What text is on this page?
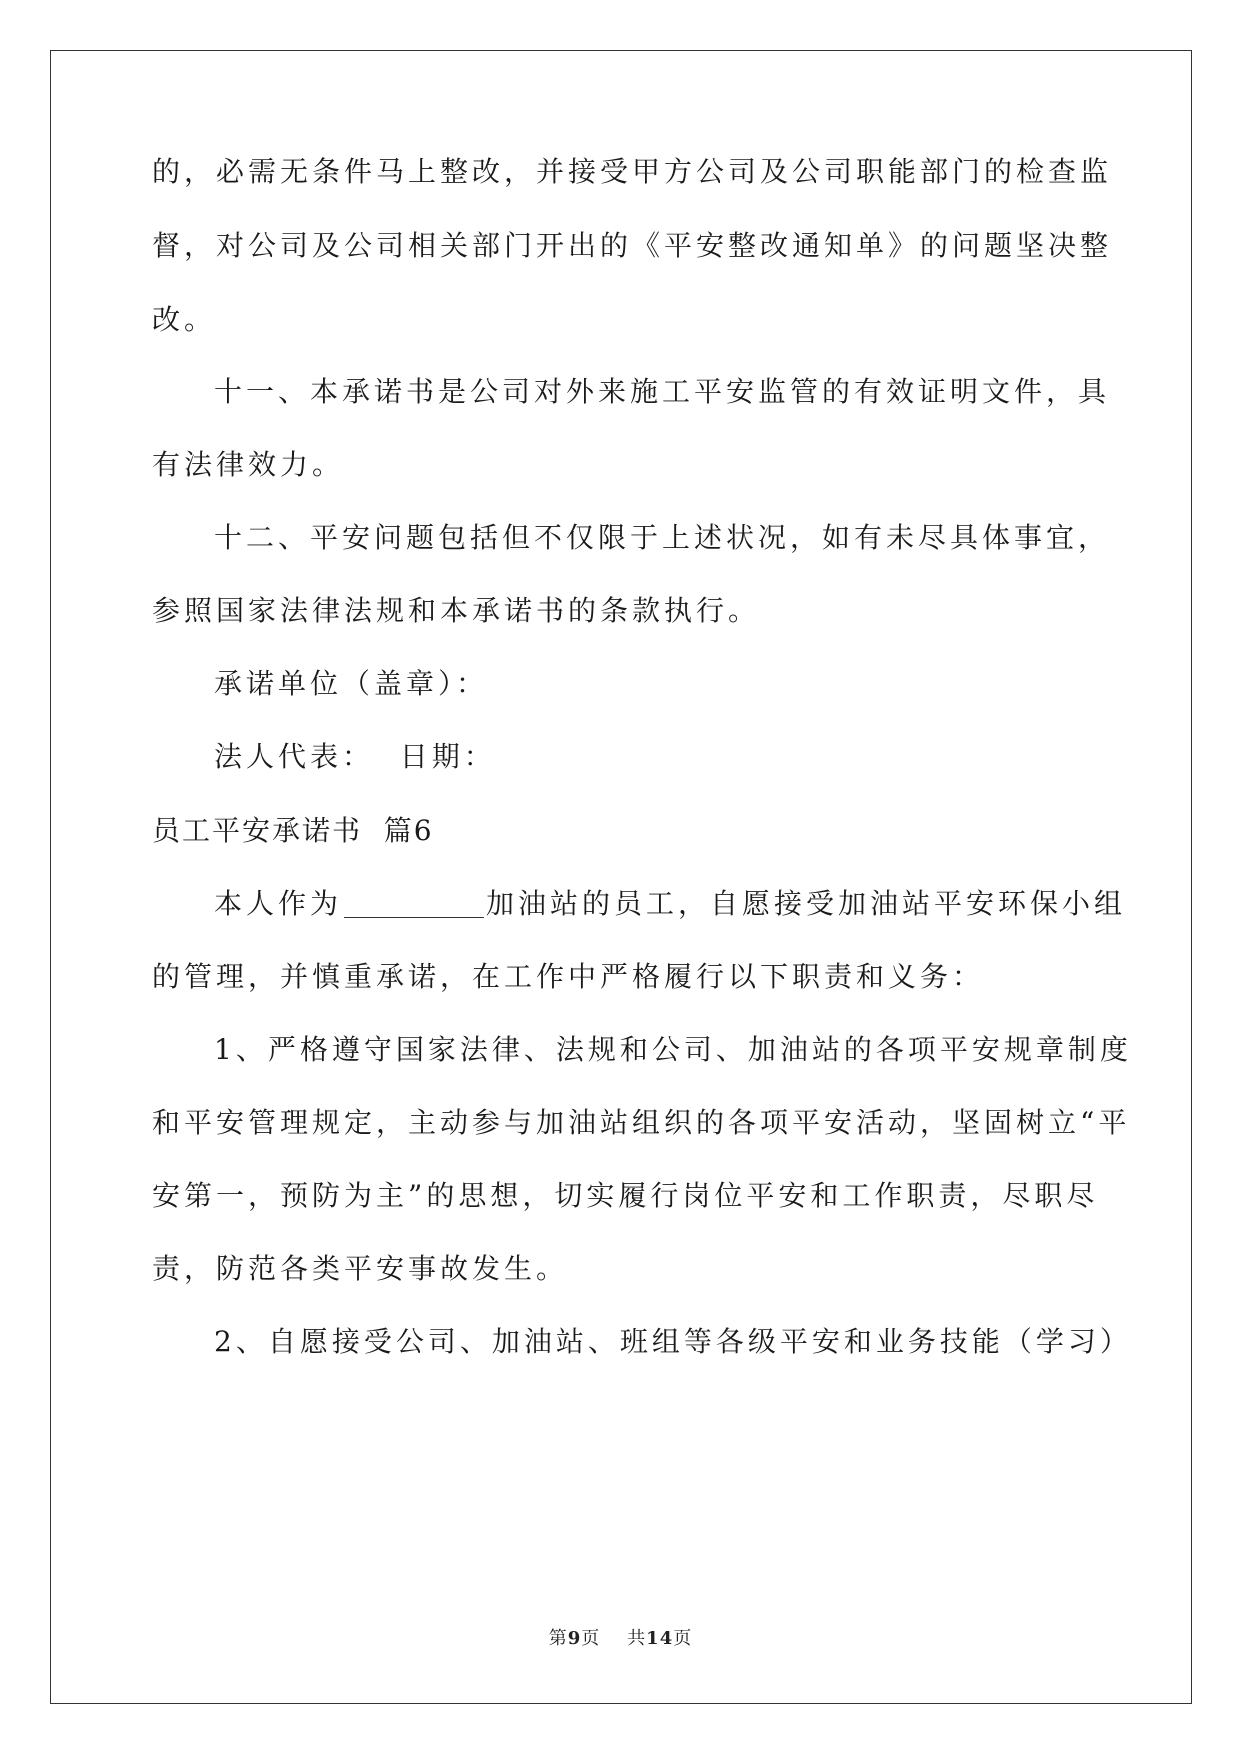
的，必需无条件马上整改，并接受甲方公司及公司职能部门的检查监
督，对公司及公司相关部门开出的《平安整改通知单》的问题坚决整
改。
十一、本承诺书是公司对外来施工平安监管的有效证明文件，具
有法律效力。
十二、平安问题包括但不仅限于上述状况，如有未尽具体事宜，
参照国家法律法规和本承诺书的条款执行。
承诺单位（盖章）：
法人代表：  日期：
员工平安承诺书  篇6
本人作为	加油站的员工，自愿接受加油站平安环保小组
的管理，并慎重承诺，在工作中严格履行以下职责和义务：
1、严格遵守国家法律、法规和公司、加油站的各项平安规章制度
和平安管理规定，主动参与加油站组织的各项平安活动，坚固树立“平
安第一，预防为主”的思想，切实履行岗位平安和工作职责，尽职尽
责，防范各类平安事故发生。
2、自愿接受公司、加油站、班组等各级平安和业务技能（学习）
第9页    共14页
